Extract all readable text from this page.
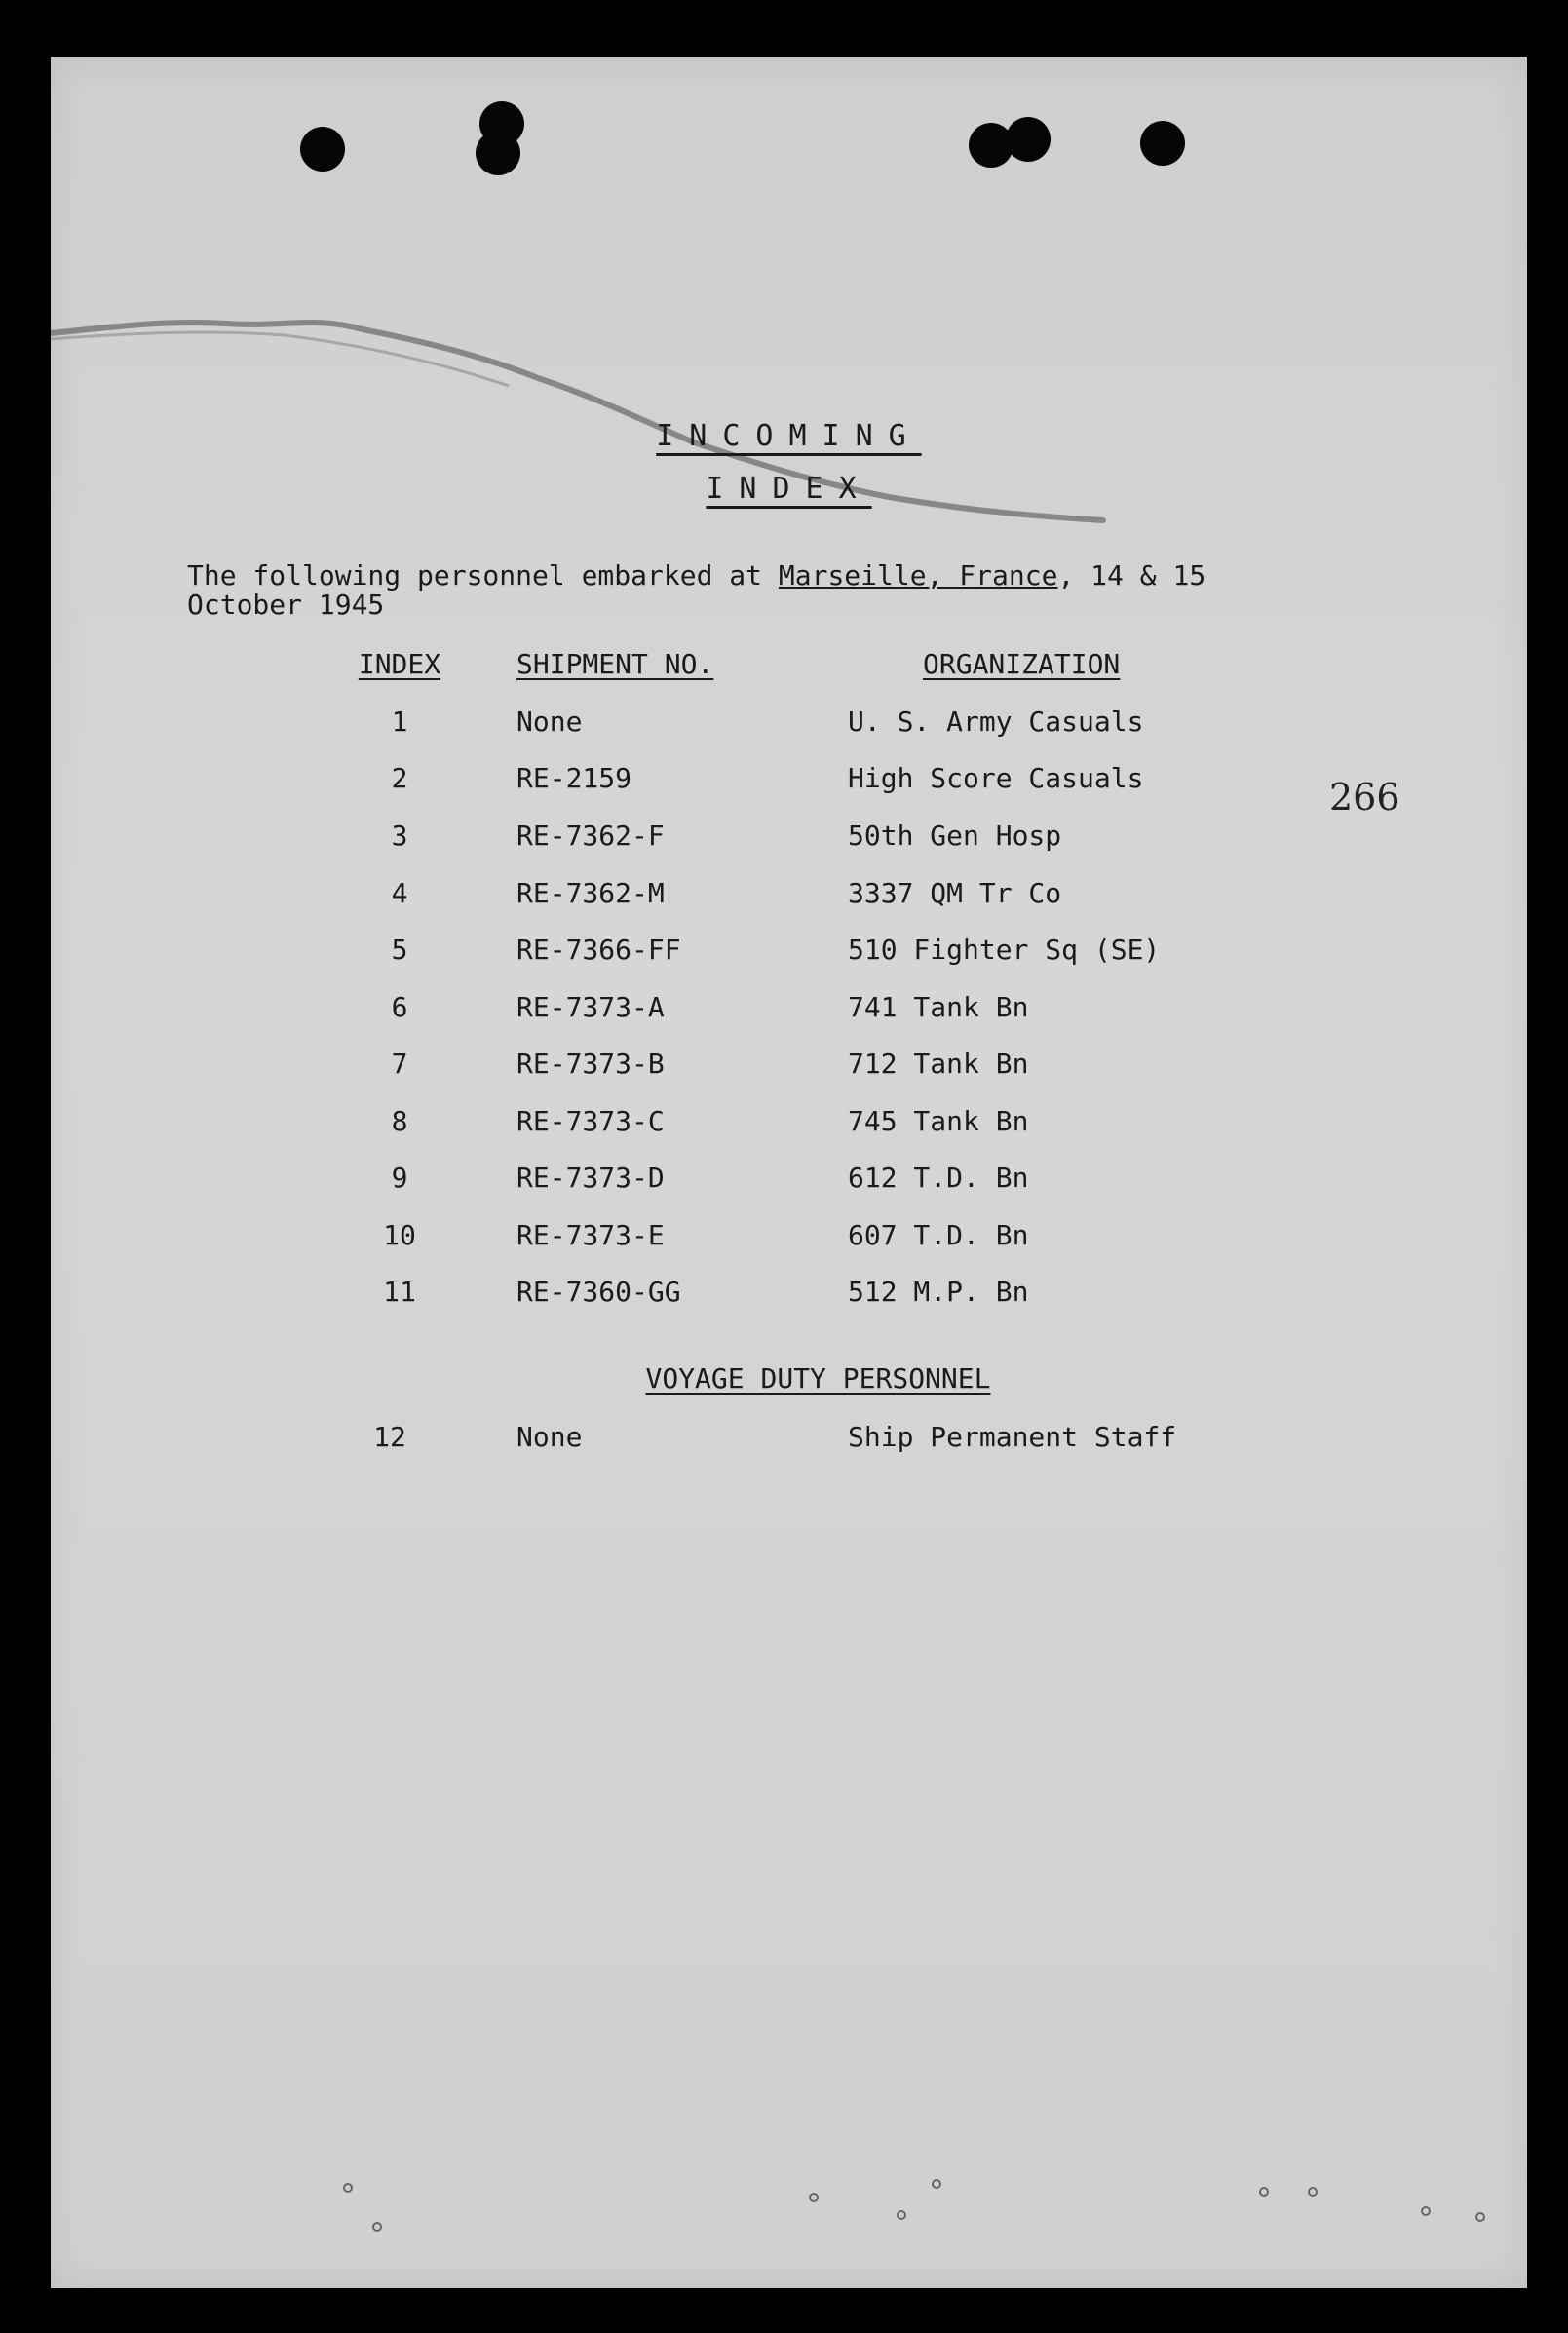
INCOMING
INDEX
The following personnel embarked at Marseille, France, 14 & 15
October 1945
266
INDEX	SHIPMENT NO.	ORGANIZATION
1	None	U. S. Army Casuals
2	RE-2159	High Score Casuals
3	RE-7362-F	50th Gen Hosp
4	RE-7362-M	3337 QM Tr Co
5	RE-7366-FF	510 Fighter Sq (SE)
6	RE-7373-A	741 Tank Bn
7	RE-7373-B	712 Tank Bn
8	RE-7373-C	745 Tank Bn
9	RE-7373-D	612 T.D. Bn
10	RE-7373-E	607 T.D. Bn
11	RE-7360-GG	512 M.P. Bn
VOYAGE DUTY PERSONNEL
12	None	Ship Permanent Staff
